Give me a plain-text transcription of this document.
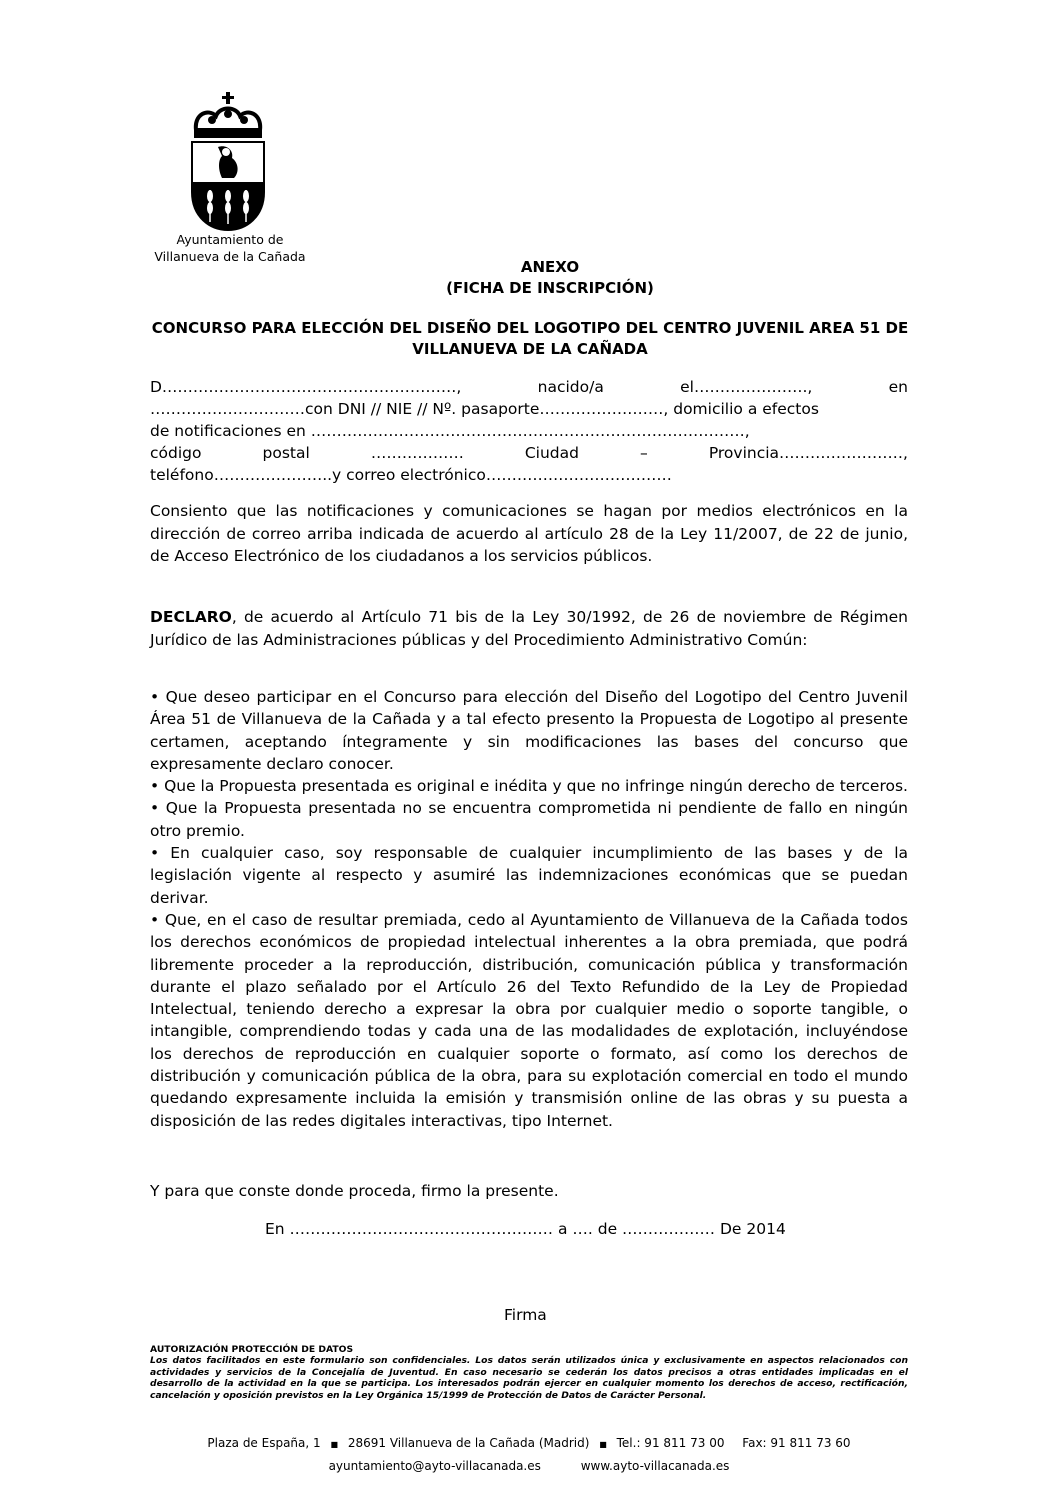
Ayuntamiento de
Villanueva de la Cañada
ANEXO
(FICHA DE INSCRIPCIÓN)
CONCURSO PARA ELECCIÓN DEL DISEÑO DEL LOGOTIPO DEL CENTRO JUVENIL AREA 51 DE VILLANUEVA DE LA CAÑADA
D…………………………………………………,	nacido/a	el………………….,	en
…………………………con DNI // NIE // Nº. pasaporte……………………, domicilio a efectos
de notificaciones en …………………………………………………………………………,
código	postal	………………	Ciudad	–	Provincia……………………,
teléfono…………………..y correo electrónico………………………………
Consiento que las notificaciones y comunicaciones se hagan por medios electrónicos en la dirección de correo arriba indicada de acuerdo al artículo 28 de la Ley 11/2007, de 22 de junio, de Acceso Electrónico de los ciudadanos a los servicios públicos.
DECLARO, de acuerdo al Artículo 71 bis de la Ley 30/1992, de 26 de noviembre de Régimen Jurídico de las Administraciones públicas y del Procedimiento Administrativo Común:

• Que deseo participar en el Concurso para elección del Diseño del Logotipo del Centro Juvenil Área 51 de Villanueva de la Cañada y a tal efecto presento la Propuesta de Logotipo al presente certamen, aceptando íntegramente y sin modificaciones las bases del concurso que expresamente declaro conocer.

• Que la Propuesta presentada es original e inédita y que no infringe ningún derecho de terceros.

• Que la Propuesta presentada no se encuentra comprometida ni pendiente de fallo en ningún otro premio.

• En cualquier caso, soy responsable de cualquier incumplimiento de las bases y de la legislación vigente al respecto y asumiré las indemnizaciones económicas que se puedan derivar.

• Que, en el caso de resultar premiada, cedo al Ayuntamiento de Villanueva de la Cañada todos los derechos económicos de propiedad intelectual inherentes a la obra premiada, que podrá libremente proceder a la reproducción, distribución, comunicación pública y transformación durante el plazo señalado por el Artículo 26 del Texto Refundido de la Ley de Propiedad Intelectual, teniendo derecho a expresar la obra por cualquier medio o soporte tangible, o intangible, comprendiendo todas y cada una de las modalidades de explotación, incluyéndose los derechos de reproducción en cualquier soporte o formato, así como los derechos de distribución y comunicación pública de la obra, para su explotación comercial en todo el mundo quedando expresamente incluida la emisión y transmisión online de las obras y su puesta a disposición de las redes digitales interactivas, tipo Internet.

Y para que conste donde proceda, firmo la presente.
En …………………………………………… a …. de ……………… De 2014
Firma
AUTORIZACIÓN PROTECCIÓN DE DATOS
Los datos facilitados en este formulario son confidenciales. Los datos serán utilizados única y exclusivamente en aspectos relacionados con actividades y servicios de la Concejalía de Juventud. En caso necesario se cederán los datos precisos a otras entidades implicadas en el desarrollo de la actividad en la que se participa. Los interesados podrán ejercer en cualquier momento los derechos de acceso, rectificación, cancelación y oposición previstos en la Ley Orgánica 15/1999 de Protección de Datos de Carácter Personal.
Plaza de España, 1 ■ 28691 Villanueva de la Cañada (Madrid) ■ Tel.: 91 811 73 00 Fax: 91 811 73 60
ayuntamiento@ayto-villacanada.es	www.ayto-villacanada.es
